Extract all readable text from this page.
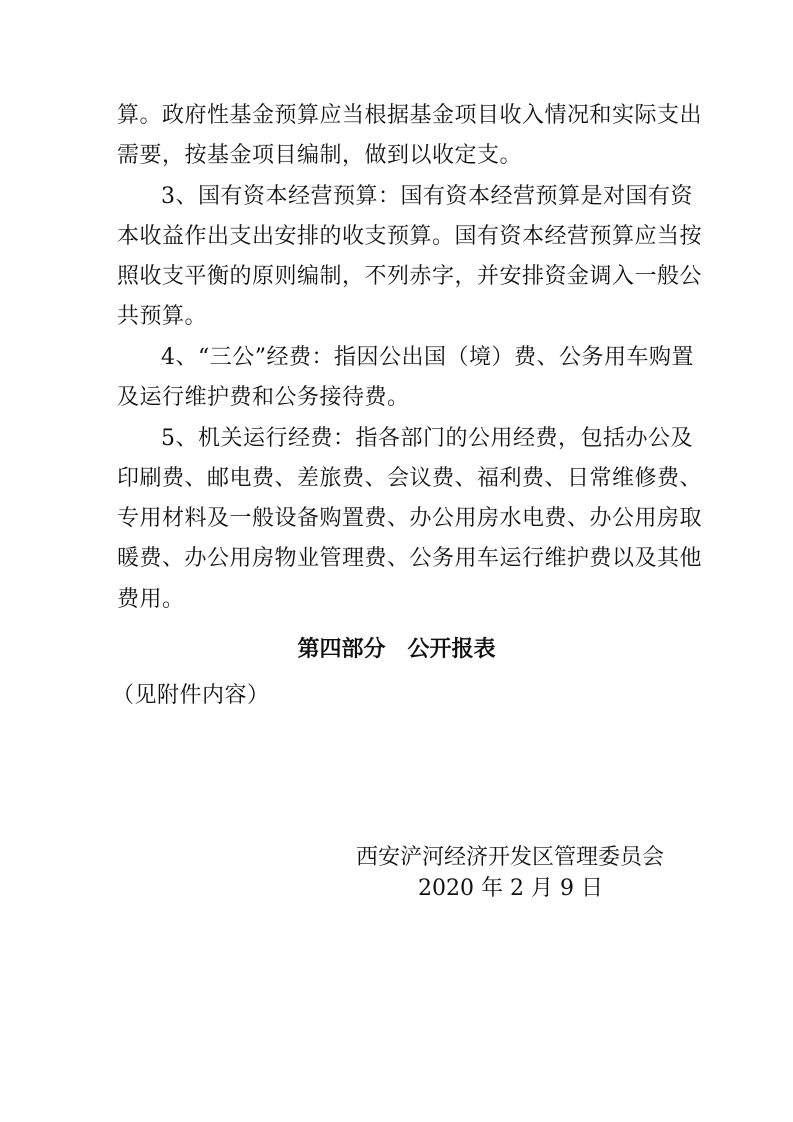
算。政府性基金预算应当根据基金项目收入情况和实际支出
需要，按基金项目编制，做到以收定支。
3、国有资本经营预算：国有资本经营预算是对国有资
本收益作出支出安排的收支预算。国有资本经营预算应当按
照收支平衡的原则编制，不列赤字，并安排资金调入一般公
共预算。
4、“三公”经费：指因公出国（境）费、公务用车购置
及运行维护费和公务接待费。
5、机关运行经费：指各部门的公用经费，包括办公及
印刷费、邮电费、差旅费、会议费、福利费、日常维修费、
专用材料及一般设备购置费、办公用房水电费、办公用房取
暖费、办公用房物业管理费、公务用车运行维护费以及其他
费用。
第四部分　公开报表
（见附件内容）
西安浐河经济开发区管理委员会
2020 年 2 月 9 日
